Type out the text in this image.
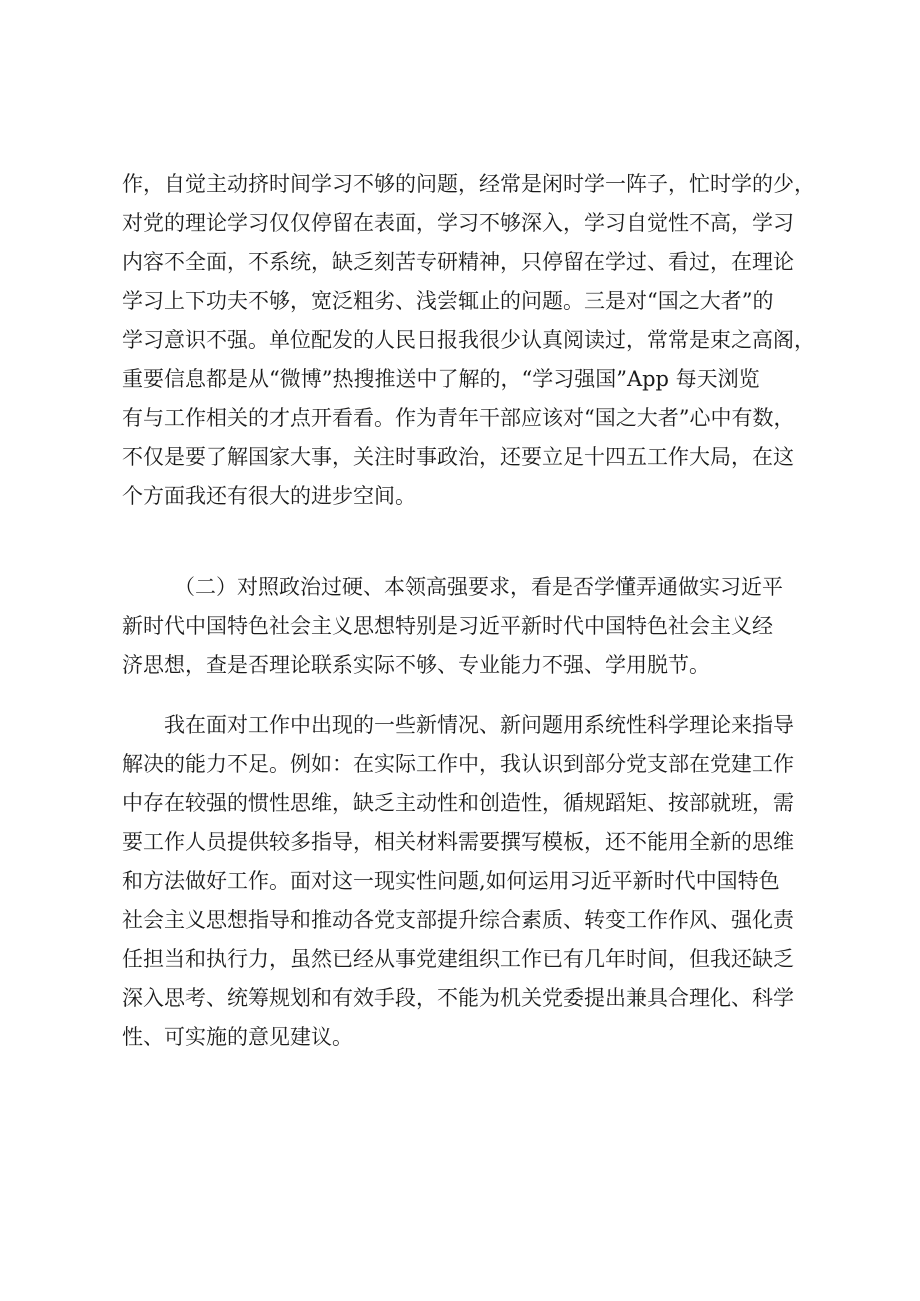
作，自觉主动挤时间学习不够的问题，经常是闲时学一阵子，忙时学的少，
对党的理论学习仅仅停留在表面，学习不够深入，学习自觉性不高，学习
内容不全面，不系统，缺乏刻苦专研精神，只停留在学过、看过，在理论
学习上下功夫不够，宽泛粗劣、浅尝辄止的问题。三是对“国之大者”的
学习意识不强。单位配发的人民日报我很少认真阅读过，常常是束之高阁，
重要信息都是从“微博”热搜推送中了解的，“学习强国”App 每天浏览
有与工作相关的才点开看看。作为青年干部应该对“国之大者”心中有数，
不仅是要了解国家大事，关注时事政治，还要立足十四五工作大局，在这
个方面我还有很大的进步空间。
（二）对照政治过硬、本领高强要求，看是否学懂弄通做实习近平
新时代中国特色社会主义思想特别是习近平新时代中国特色社会主义经
济思想，查是否理论联系实际不够、专业能力不强、学用脱节。
我在面对工作中出现的一些新情况、新问题用系统性科学理论来指导
解决的能力不足。例如：在实际工作中，我认识到部分党支部在党建工作
中存在较强的惯性思维，缺乏主动性和创造性，循规蹈矩、按部就班，需
要工作人员提供较多指导，相关材料需要撰写模板，还不能用全新的思维
和方法做好工作。面对这一现实性问题,如何运用习近平新时代中国特色
社会主义思想指导和推动各党支部提升综合素质、转变工作作风、强化责
任担当和执行力，虽然已经从事党建组织工作已有几年时间，但我还缺乏
深入思考、统筹规划和有效手段，不能为机关党委提出兼具合理化、科学
性、可实施的意见建议。
